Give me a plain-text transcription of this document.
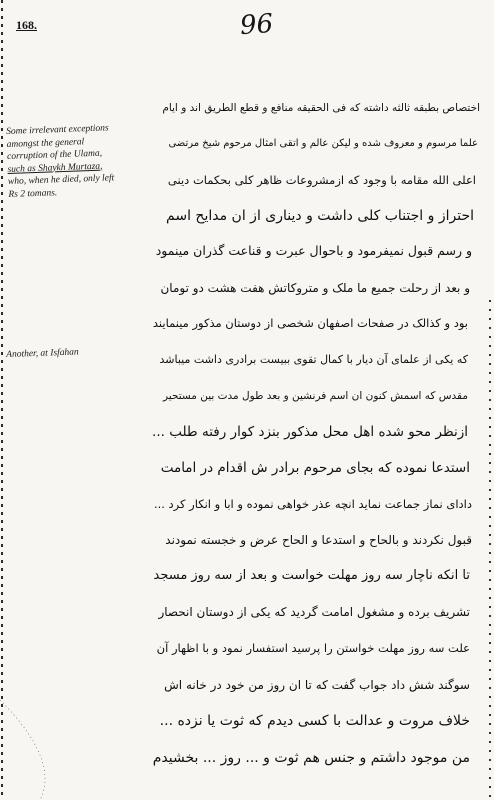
168.	96
Some irrelevant exceptions
amongst the general
corruption of the Ulama,
such as Shaykh Murtaza,
who, when he died, only left
Rs 2 tomans.
Another, at Isfahan
اختصاص بطبقه ثالثه داشته که فی الحقیقه منافع و قطع الطریق اند و ایام
علما مرسوم و معروف شده و لیکن عالم و اتقی امثال مرحوم شیخ مرتضی
اعلی الله مقامه با وجود که ازمشروعات ظاهر کلی بحکمات دینی
احتراز و اجتناب کلی داشت و دیناری از ان مدایح اسم
و رسم قبول نمیفرمود و باحوال عبرت و قناعت گذران مینمود
و بعد از رحلت جمیع ما ملک و متروکاتش هفت هشت دو تومان
بود و کذالک در صفحات اصفهان شخصی از دوستان مذکور مینمایند
که یکی از علمای آن دیار با کمال تقوی ببیست برادری داشت میباشد
مقدس که اسمش کنون ان اسم فرنشین و بعد طول مدت بین مستحیر
ازنظر محو شده اهل محل مذکور بنزد کوار رفته طلب ...
استدعا نموده که بجای مرحوم برادر ش اقدام در امامت
دادای نماز جماعت نماید انچه عذر خواهی نموده و ابا و انکار کرد ...
قبول نکردند و بالحاح و استدعا و الحاح عرض و خجسته نمودند
تا انکه ناچار سه روز مهلت خواست و بعد از سه روز مسجد
تشریف برده و مشغول امامت گردید که یکی از دوستان انحصار
علت سه روز مهلت خواستن را پرسید استفسار نمود و با اظهار آن
سوگند شش داد جواب گفت که تا ان روز من خود در خانه اش
خلاف مروت و عدالت با کسی دیدم که ثوت یا نزده ...
من موجود داشتم و جنس هم ثوت و ... روز ... بخشیدم
